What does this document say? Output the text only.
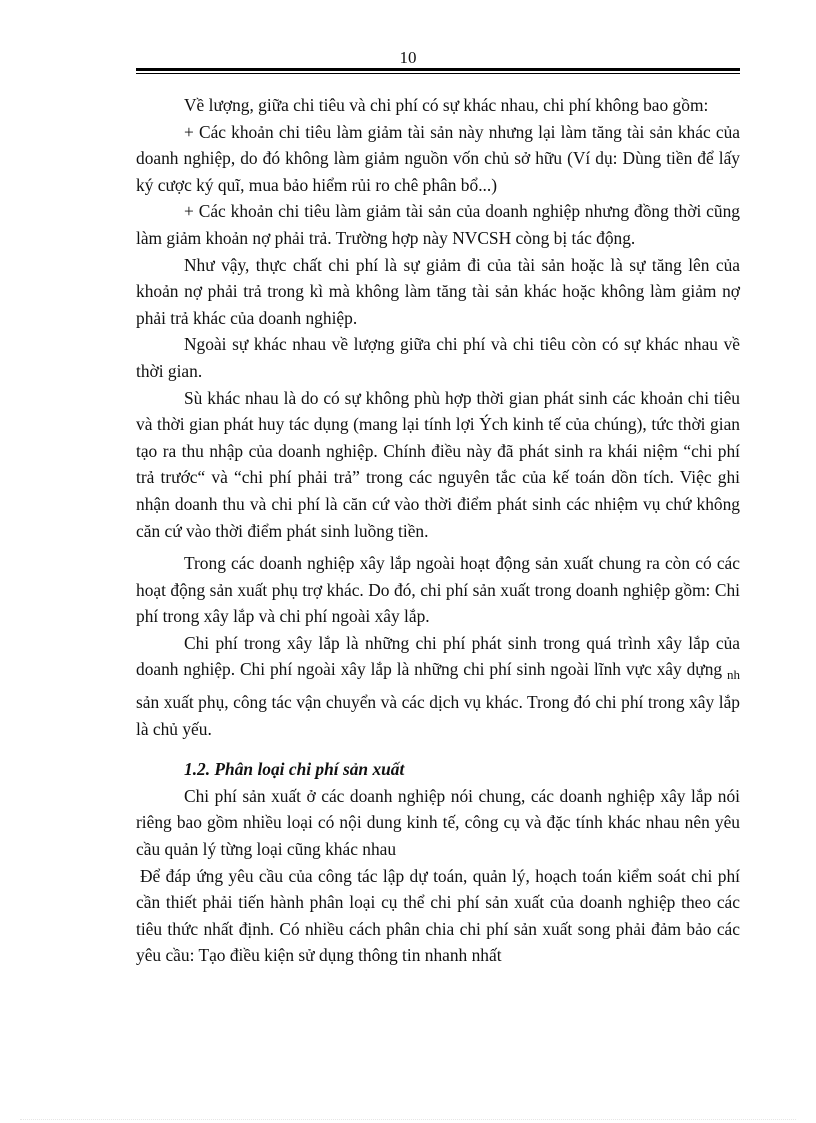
10

Về lượng, giữa chi tiêu và chi phí có sự khác nhau, chi phí không bao gồm:

+ Các khoản chi tiêu làm giảm tài sản này nhưng lại làm tăng tài sản khác của doanh nghiệp, do đó không làm giảm nguồn vốn chủ sở hữu (Ví dụ: Dùng tiền để lấy ký cược ký quĩ, mua bảo hiểm rủi ro chê phân bổ...)

+ Các khoản chi tiêu làm giảm tài sản của doanh nghiệp nhưng đồng thời cũng làm giảm khoản nợ phải trả. Trường hợp này NVCSH còng bị tác động.

Như vậy, thực chất chi phí là sự giảm đi của tài sản hoặc là sự tăng lên của khoản nợ phải trả trong kì mà không làm tăng tài sản khác hoặc không làm giảm nợ phải trả khác của doanh nghiệp.

Ngoài sự khác nhau về lượng giữa chi phí và chi tiêu còn có sự khác nhau về thời gian.

Sù khác nhau là do có sự không phù hợp thời gian phát sinh các khoản chi tiêu và thời gian phát huy tác dụng (mang lại tính lợi Ých kinh tế của chúng), tức thời gian tạo ra thu nhập của doanh nghiệp. Chính điều này đã phát sinh ra khái niệm “chi phí trả trước“ và “chi phí phải trả” trong các nguyên tắc của kế toán dồn tích. Việc ghi nhận doanh thu và chi phí là căn cứ vào thời điểm phát sinh các nhiệm vụ chứ không căn cứ vào thời điểm phát sinh luồng tiền.

Trong các doanh nghiệp xây lắp ngoài hoạt động sản xuất chung ra còn có các hoạt động sản xuất phụ trợ khác. Do đó, chi phí sản xuất trong doanh nghiệp gồm: Chi phí trong xây lắp và chi phí ngoài xây lắp.

Chi phí trong xây lắp là những chi phí phát sinh trong quá trình xây lắp của doanh nghiệp. Chi phí ngoài xây lắp là những chi phí sinh ngoài lĩnh vực xây dựng $_{nh}$ sản xuất phụ, công tác vận chuyển và các dịch vụ khác. Trong đó chi phí trong xây lắp là chủ yếu.

1.2. Phân loại chi phí sản xuất

Chi phí sản xuất ở các doanh nghiệp nói chung, các doanh nghiệp xây lắp nói riêng bao gồm nhiều loại có nội dung kinh tế, công cụ và đặc tính khác nhau nên yêu cầu quản lý từng loại cũng khác nhau

Để đáp ứng yêu cầu của công tác lập dự toán, quản lý, hoạch toán kiểm soát chi phí cần thiết phải tiến hành phân loại cụ thể chi phí sản xuất của doanh nghiệp theo các tiêu thức nhất định. Có nhiều cách phân chia chi phí sản xuất song phải đảm bảo các yêu cầu: Tạo điều kiện sử dụng thông tin nhanh nhất
